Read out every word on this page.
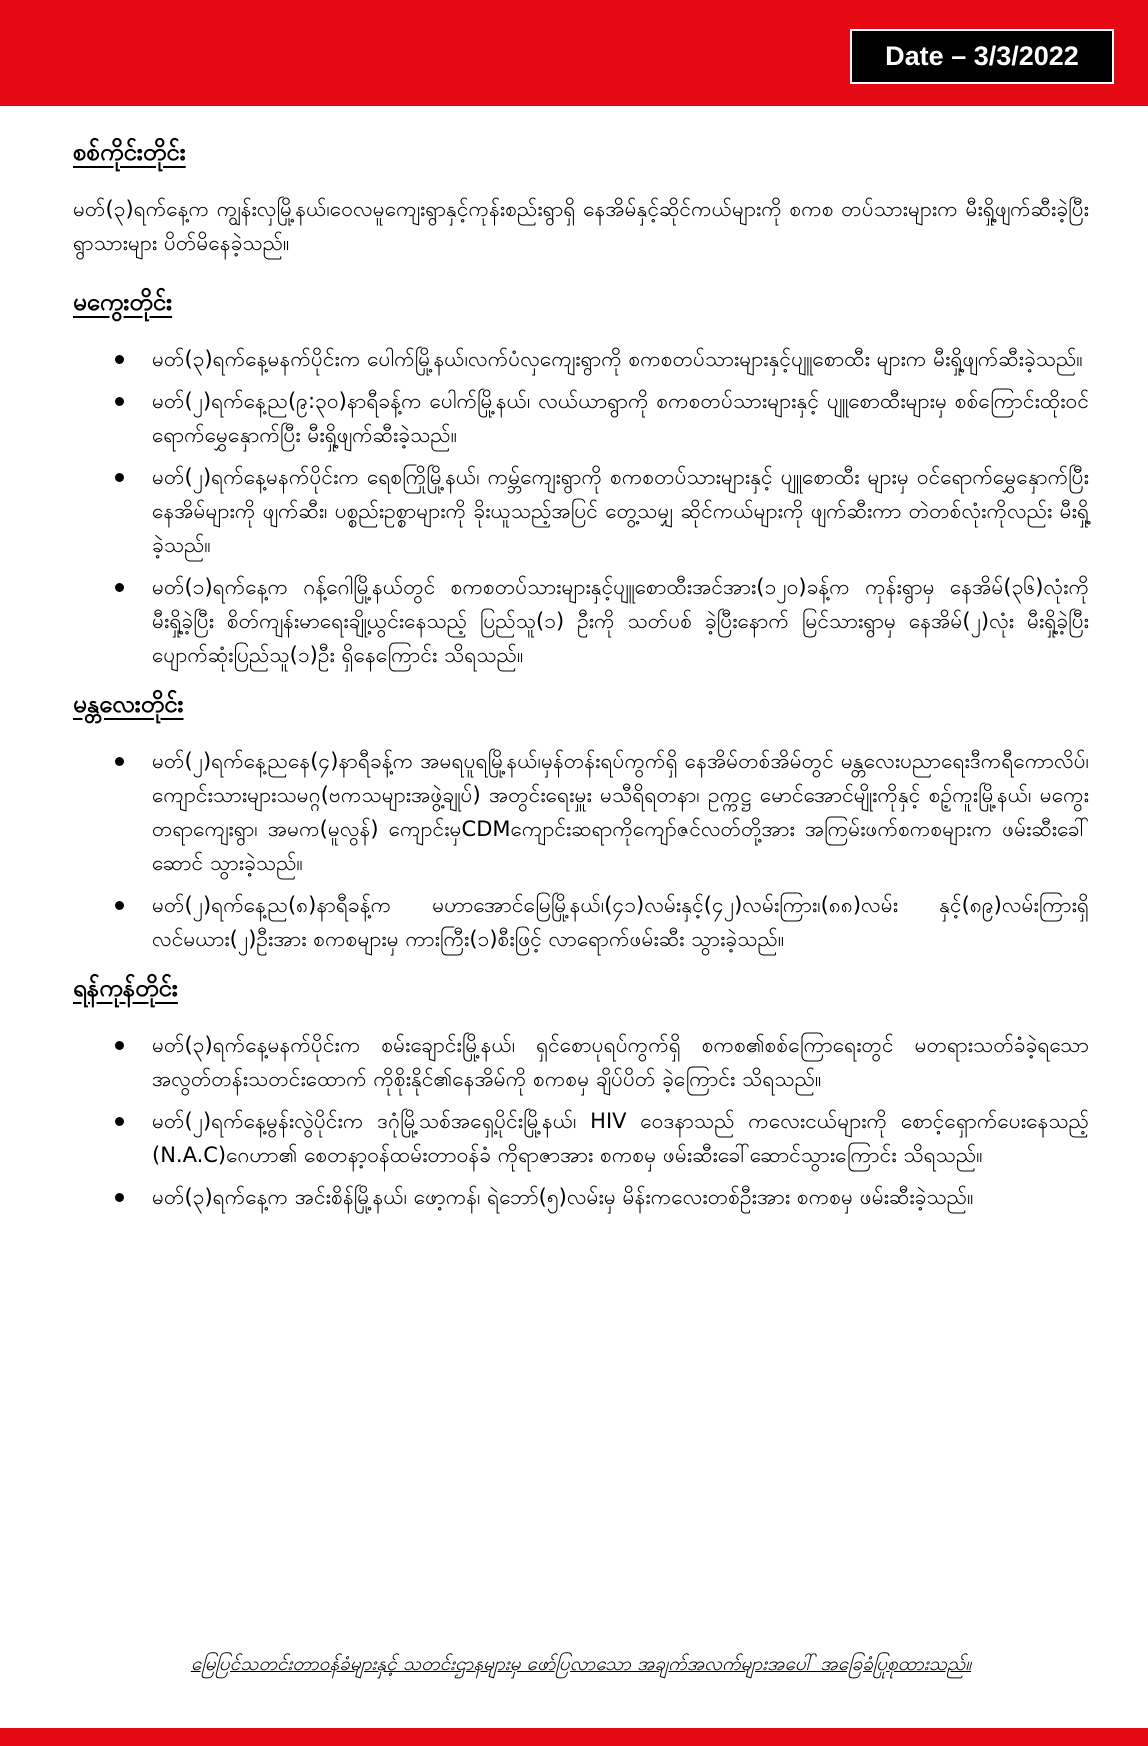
Date – 3/3/2022
စစ်ကိုင်းတိုင်း

မတ်(၃)ရက်နေ့က ကျွန်းလှမြို့နယ်၊ဝေလမူကျေးရွာနှင့်ကုန်းစည်းရွာရှိ နေအိမ်နှင့်ဆိုင်ကယ်များကို စကစ တပ်သားများက မီးရှို့ဖျက်ဆီးခဲ့ပြီး ရွာသားများ ပိတ်မိနေခဲ့သည်။

မကွေးတိုင်း
မတ်(၃)ရက်နေ့မနက်ပိုင်းက ပေါက်မြို့နယ်၊လက်ပံလှကျေးရွာကို စကစတပ်သားများနှင့်ပျူစောထီး များက မီးရှို့ဖျက်ဆီးခဲ့သည်။
မတ်(၂)ရက်နေ့ည(၉:၃၀)နာရီခန့်က ပေါက်မြို့နယ်၊ လယ်ယာရွာကို စကစတပ်သားများနှင့် ပျူစောထီးများမှ စစ်ကြောင်းထိုးဝင်ရောက်မွှေနှောက်ပြီး မီးရှို့ဖျက်ဆီးခဲ့သည်။
မတ်(၂)ရက်နေ့မနက်ပိုင်းက ရေစကြိုမြို့နယ်၊ ကမ္ဘ်ကျေးရွာကို စကစတပ်သားများနှင့် ပျူစောထီး များမှ ဝင်ရောက်မွှေနှောက်ပြီး နေအိမ်များကို ဖျက်ဆီး၊ ပစ္စည်းဥစ္စာများကို ခိုးယူသည့်အပြင် တွေ့သမျှ ဆိုင်ကယ်များကို ဖျက်ဆီးကာ တဲတစ်လုံးကိုလည်း မီးရှို့ခဲ့သည်။
မတ်(၁)ရက်နေ့က ဂန့်ဂေါမြို့နယ်တွင် စကစတပ်သားများနှင့်ပျူစောထီးအင်အား(၁၂၀)ခန့်က ကုန်းရွာမှ နေအိမ်(၃၆)လုံးကို မီးရှို့ခဲ့ပြီး စိတ်ကျန်းမာရေးချို့ယွင်းနေသည့် ပြည်သူ(၁) ဦးကို သတ်ပစ် ခဲ့ပြီးနောက် မြင်သားရွာမှ နေအိမ်(၂)လုံး မီးရှို့ခဲ့ပြီး ပျောက်ဆုံးပြည်သူ(၁)ဦး ရှိနေကြောင်း သိရသည်။
မန္တလေးတိုင်း
မတ်(၂)ရက်နေ့ညနေ(၄)နာရီခန့်က အမရပူရမြို့နယ်၊မှန်တန်းရပ်ကွက်ရှိ နေအိမ်တစ်အိမ်တွင် မန္တလေးပညာရေးဒီကရီကောလိပ်၊ ကျောင်းသားများသမဂ္ဂ(ဗကသများအဖွဲ့ချုပ်) အတွင်းရေးမှူး မသီရိရတနာ၊ ဥက္ကဋ္ဌ မောင်အောင်မျိုးကိုနှင့် စဥ့်ကူးမြို့နယ်၊ မကွေးတရာကျေးရွာ၊ အမက(မူလွန်) ကျောင်းမှCDMကျောင်းဆရာကိုကျော်ဇင်လတ်တို့အား အကြမ်းဖက်စကစများက ဖမ်းဆီးခေါ်ဆောင် သွားခဲ့သည်။
မတ်(၂)ရက်နေ့ည(၈)နာရီခန့်က မဟာအောင်မြေမြို့နယ်၊(၄၁)လမ်းနှင့်(၄၂)လမ်းကြား၊(၈၈)လမ်း နှင့်(၈၉)လမ်းကြားရှိ လင်မယား(၂)ဦးအား စကစများမှ ကားကြီး(၁)စီးဖြင့် လာရောက်ဖမ်းဆီး သွားခဲ့သည်။
ရန်ကုန်တိုင်း
မတ်(၃)ရက်နေ့မနက်ပိုင်းက စမ်းချောင်းမြို့နယ်၊ ရှင်စောပုရပ်ကွက်ရှိ စကစ၏စစ်ကြောရေးတွင် မတရားသတ်ခံခဲ့ရသော အလွတ်တန်းသတင်းထောက် ကိုစိုးနိုင်၏နေအိမ်ကို စကစမှ ချိပ်ပိတ် ခဲ့ကြောင်း သိရသည်။
မတ်(၂)ရက်နေ့မွန်းလွဲပိုင်းက ဒဂုံမြို့သစ်အရှေ့ပိုင်းမြို့နယ်၊ HIV ဝေဒနာသည် ကလေးငယ်များကို စောင့်ရှောက်ပေးနေသည့် (N.A.C)ဂေဟာ၏ စေတနာ့ဝန်ထမ်းတာဝန်ခံ ကိုရာဇာအား စကစမှ ဖမ်းဆီးခေါ်ဆောင်သွားကြောင်း သိရသည်။
မတ်(၃)ရက်နေ့က အင်းစိန်မြို့နယ်၊ ဖော့ကန်၊ ရဲဘော်(၅)လမ်းမှ မိန်းကလေးတစ်ဦးအား စကစမှ ဖမ်းဆီးခဲ့သည်။
မြေပြင်သတင်းတာဝန်ခံများနှင့် သတင်းဌာနများမှ ဖော်ပြလာသော အချက်အလက်များအပေါ် အခြေခံပြုစုထားသည်။
